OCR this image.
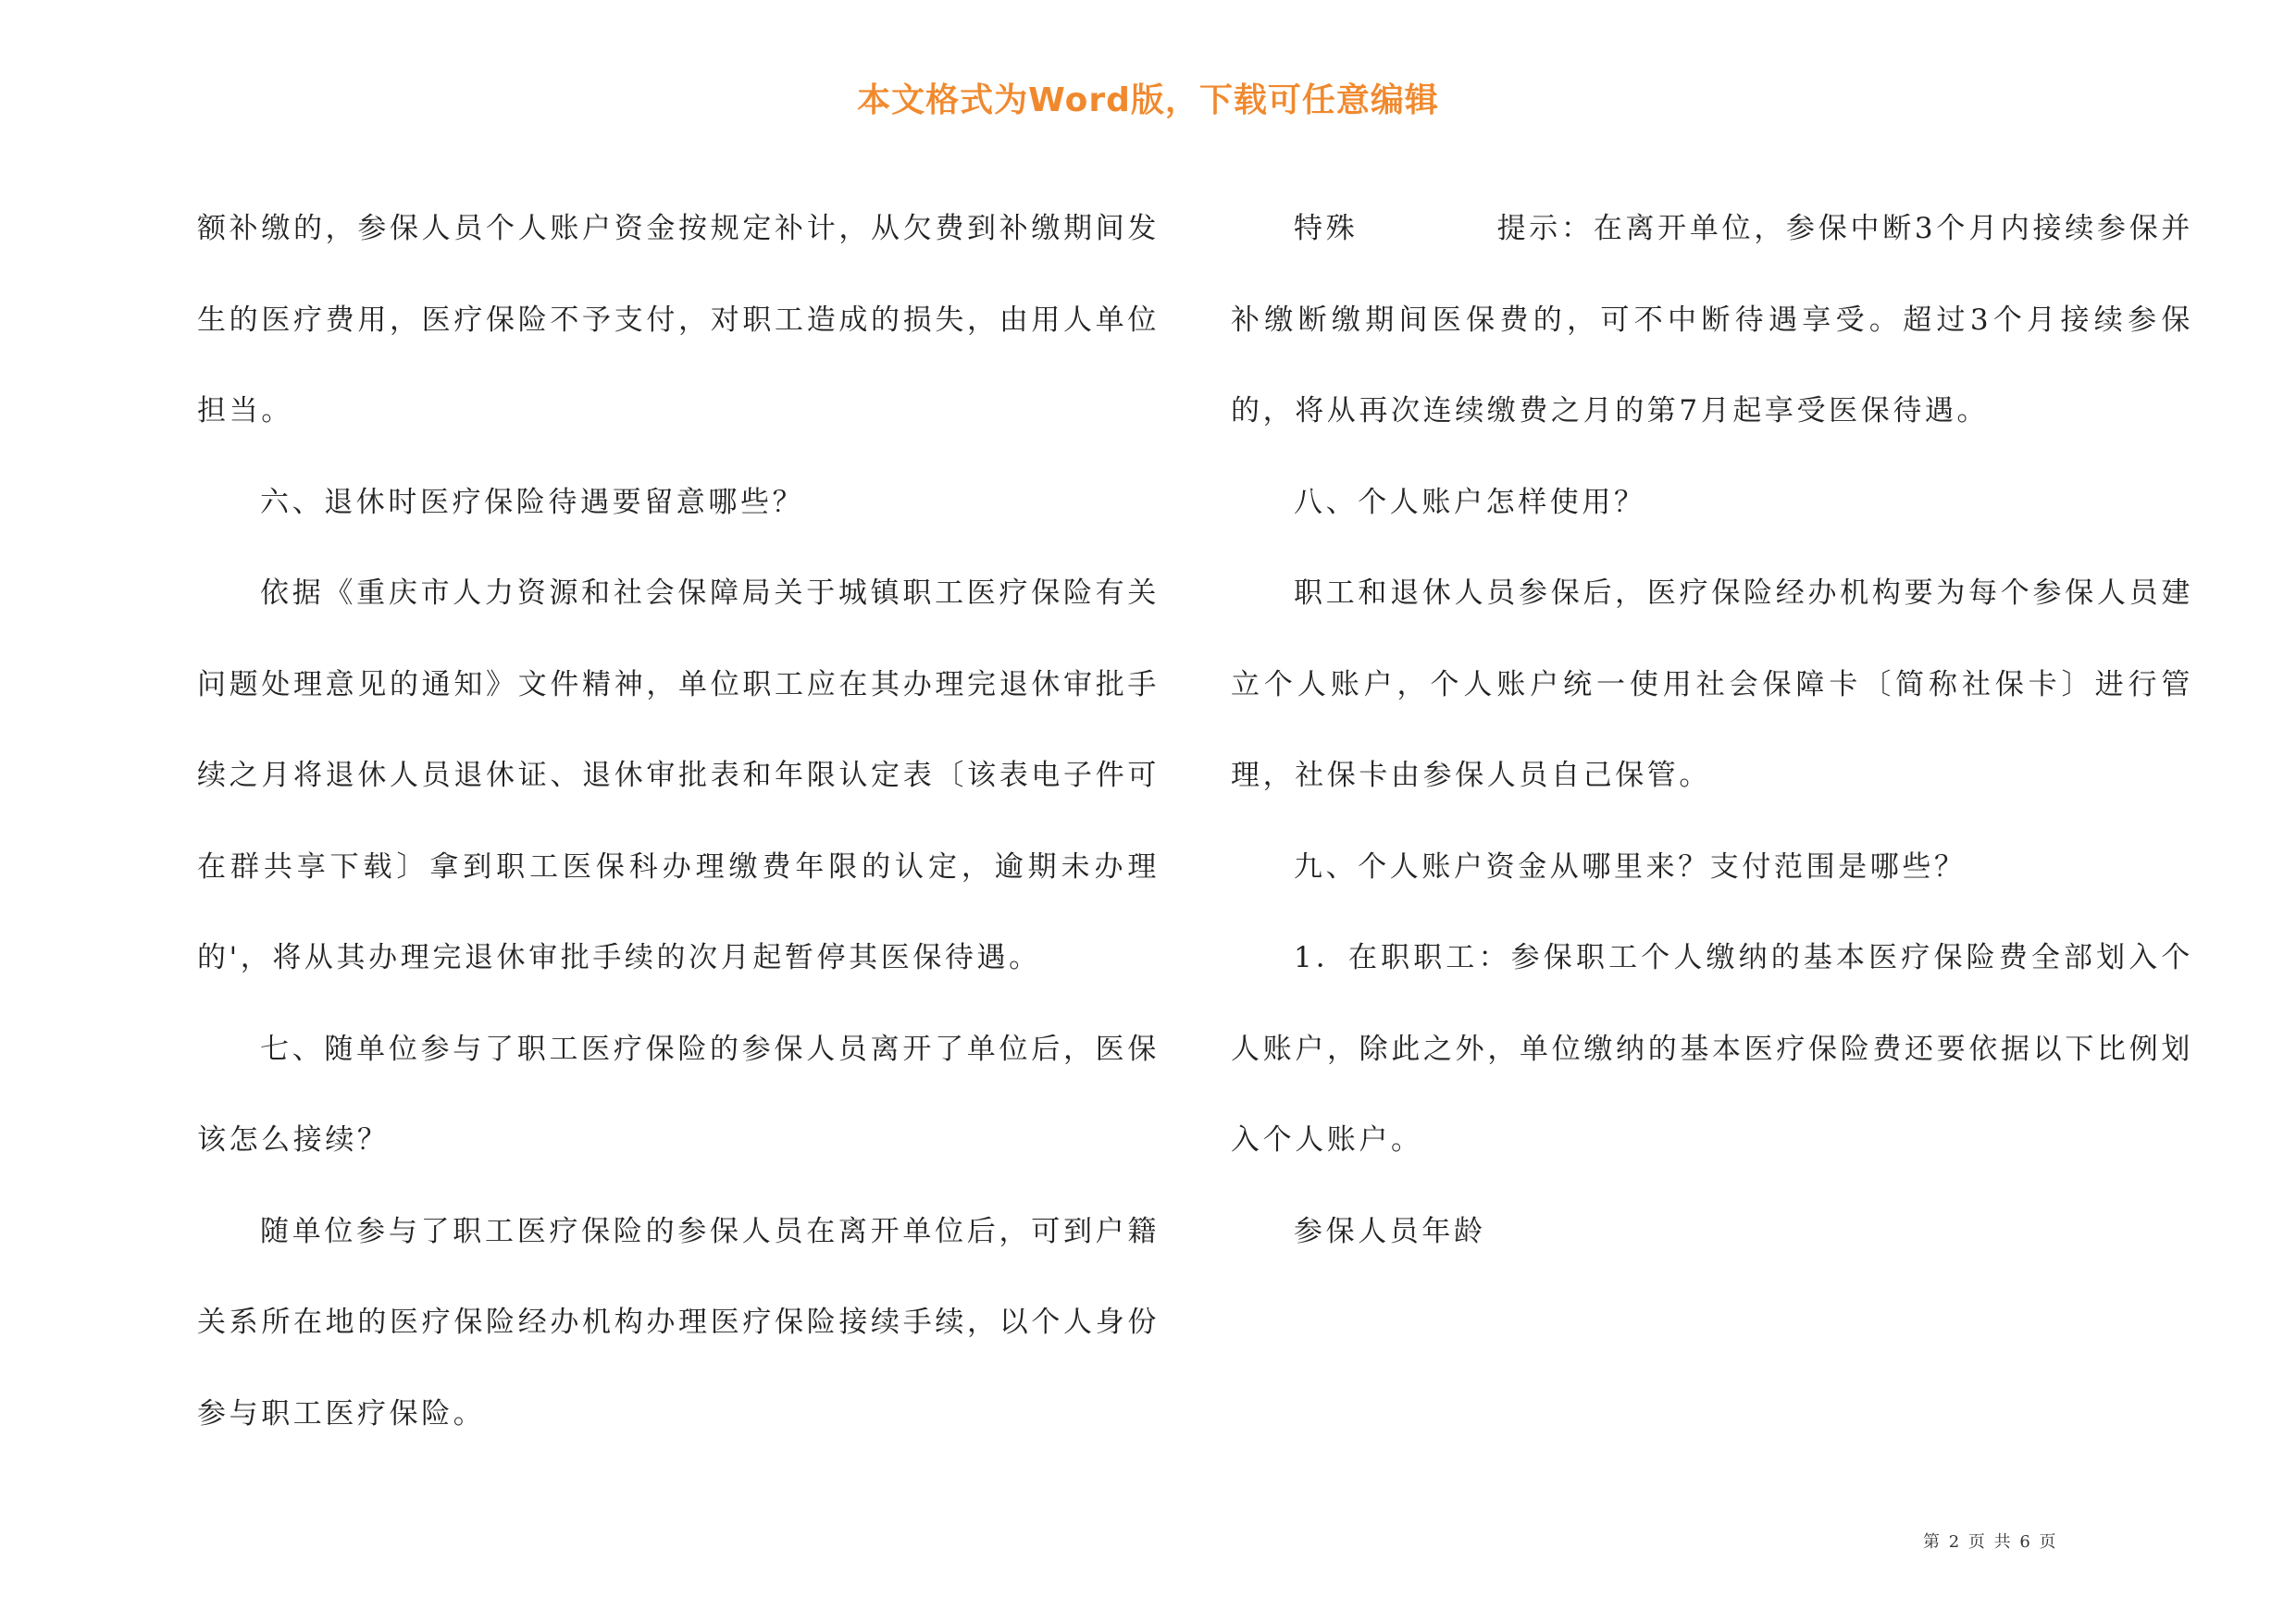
本文格式为Word版，下载可任意编辑

额补缴的，参保人员个人账户资金按规定补计，从欠费到补缴期间发生的医疗费用，医疗保险不予支付，对职工造成的损失，由用人单位担当。

六、退休时医疗保险待遇要留意哪些？

依据《重庆市人力资源和社会保障局关于城镇职工医疗保险有关问题处理意见的通知》文件精神，单位职工应在其办理完退休审批手续之月将退休人员退休证、退休审批表和年限认定表〔该表电子件可在群共享下载〕拿到职工医保科办理缴费年限的认定，逾期未办理的'，将从其办理完退休审批手续的次月起暂停其医保待遇。

七、随单位参与了职工医疗保险的参保人员离开了单位后，医保该怎么接续？

随单位参与了职工医疗保险的参保人员在离开单位后，可到户籍关系所在地的医疗保险经办机构办理医疗保险接续手续，以个人身份参与职工医疗保险。

特殊	提示：在离开单位，参保中断3个月内接续参保并补缴断缴期间医保费的，可不中断待遇享受。超过3个月接续参保的，将从再次连续缴费之月的第7月起享受医保待遇。

八、个人账户怎样使用？

职工和退休人员参保后，医疗保险经办机构要为每个参保人员建立个人账户，个人账户统一使用社会保障卡〔简称社保卡〕进行管理，社保卡由参保人员自己保管。

九、个人账户资金从哪里来？支付范围是哪些？

1．在职职工：参保职工个人缴纳的基本医疗保险费全部划入个人账户，除此之外，单位缴纳的基本医疗保险费还要依据以下比例划入个人账户。

参保人员年龄

第 2 页 共 6 页
